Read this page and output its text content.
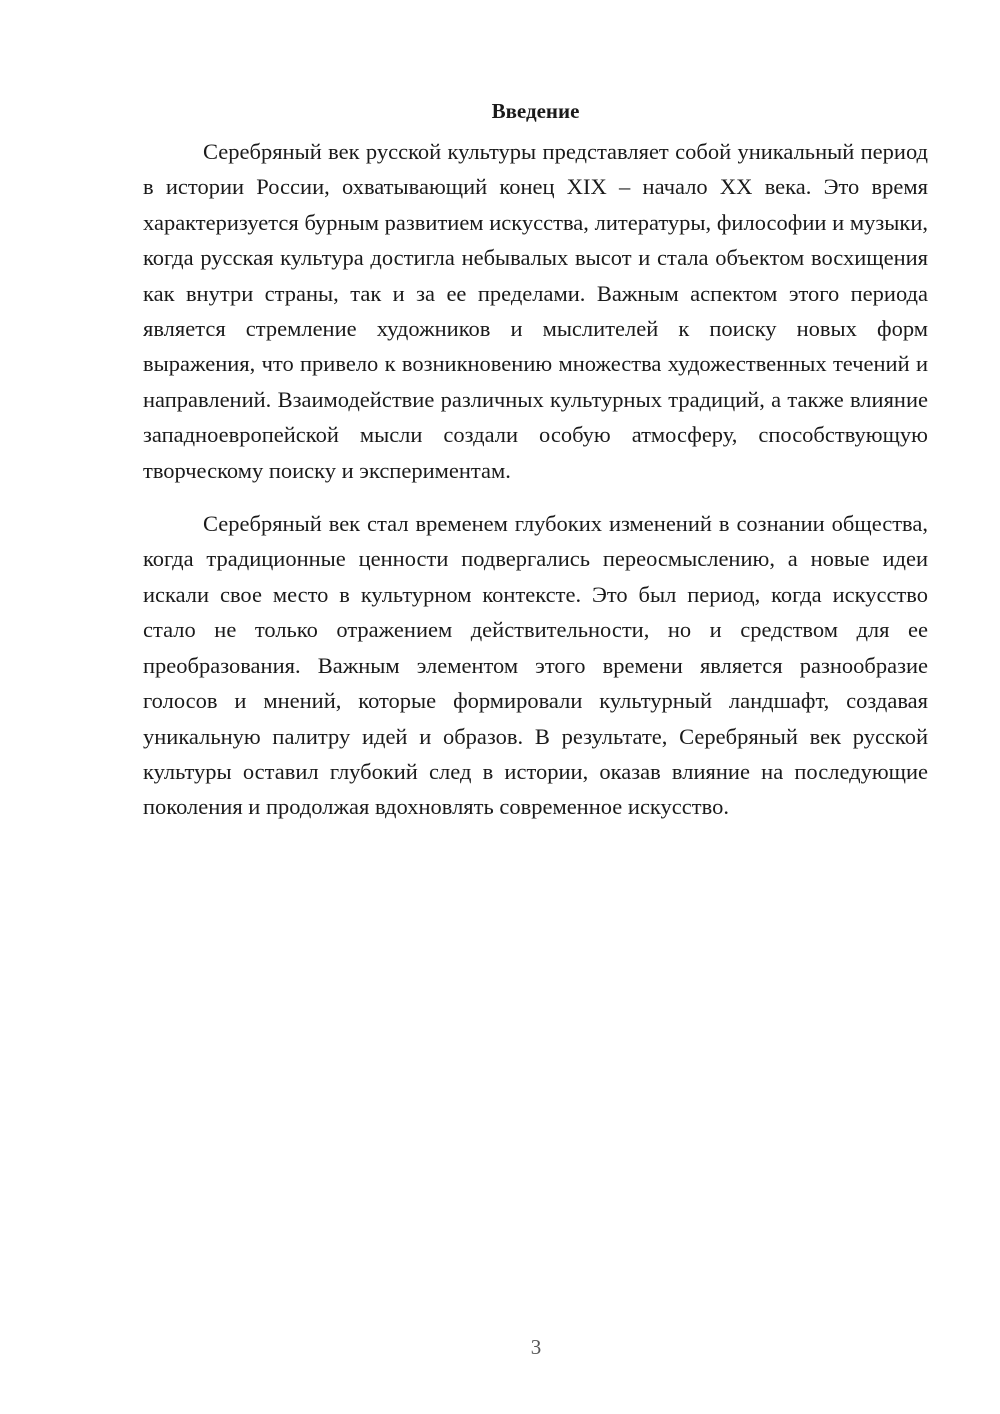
Введение

Серебряный век русской культуры представляет собой уникальный период в истории России, охватывающий конец XIX – начало XX века. Это время характеризуется бурным развитием искусства, литературы, философии и музыки, когда русская культура достигла небывалых высот и стала объектом восхищения как внутри страны, так и за ее пределами. Важным аспектом этого периода является стремление художников и мыслителей к поиску новых форм выражения, что привело к возникновению множества художественных течений и направлений. Взаимодействие различных культурных традиций, а также влияние западноевропейской мысли создали особую атмосферу, способствующую творческому поиску и экспериментам.

Серебряный век стал временем глубоких изменений в сознании общества, когда традиционные ценности подвергались переосмыслению, а новые идеи искали свое место в культурном контексте. Это был период, когда искусство стало не только отражением действительности, но и средством для ее преобразования. Важным элементом этого времени является разнообразие голосов и мнений, которые формировали культурный ландшафт, создавая уникальную палитру идей и образов. В результате, Серебряный век русской культуры оставил глубокий след в истории, оказав влияние на последующие поколения и продолжая вдохновлять современное искусство.

3
